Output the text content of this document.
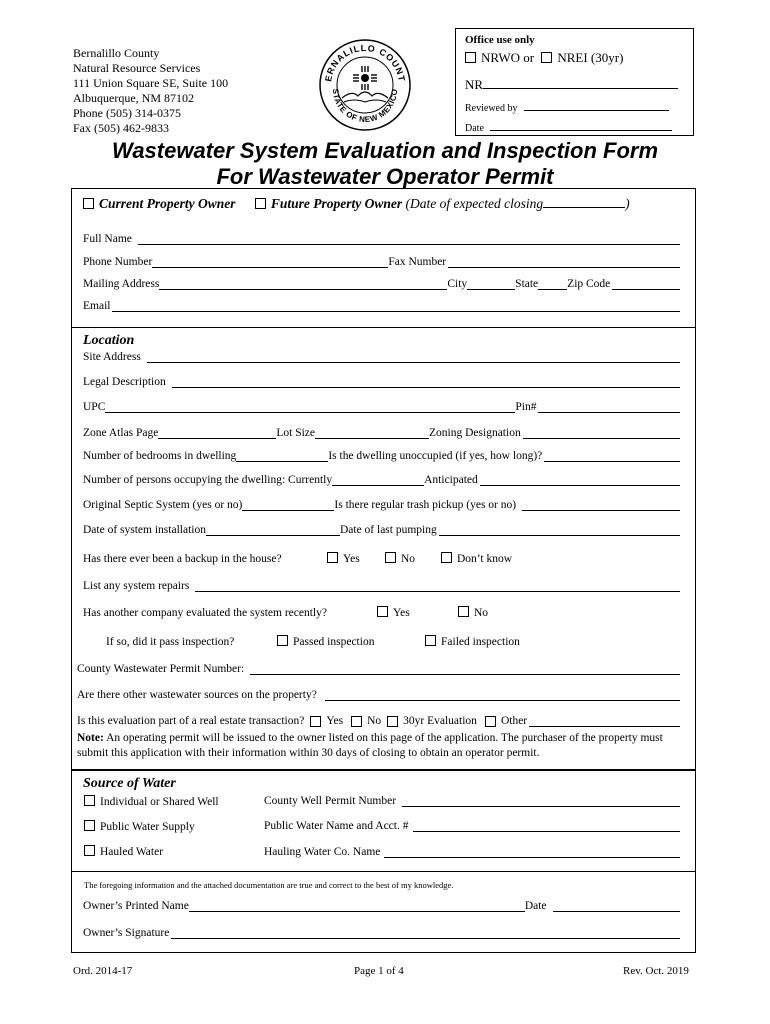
Bernalillo County
Natural Resource Services
111 Union Square SE, Suite 100
Albuquerque, NM 87102
Phone (505) 314-0375
Fax (505) 462-9833
ERNALILLO COUNT
STATE OF NEW MEXICO
Office use only
NRWO or NREI (30yr)
NR
Reviewed by
Date
Wastewater System Evaluation and Inspection Form
For Wastewater Operator Permit
Current Property Owner	Future Property Owner (Date of expected closing	)
Full Name
Phone Number	Fax Number
Mailing Address	City	State	Zip Code
Email
Location
Site Address
Legal Description
UPC	Pin#
Zone Atlas Page	Lot Size	Zoning Designation
Number of bedrooms in dwelling	Is the dwelling unoccupied (if yes, how long)?
Number of persons occupying the dwelling: Currently	Anticipated
Original Septic System (yes or no)	Is there regular trash pickup (yes or no)
Date of system installation	Date of last pumping
Has there ever been a backup in the house?	Yes	No	Don’t know
List any system repairs
Has another company evaluated the system recently?	Yes	No
If so, did it pass inspection?	Passed inspection	Failed inspection
County Wastewater Permit Number:
Are there other wastewater sources on the property?
Is this evaluation part of a real estate transaction? Yes No 30yr Evaluation Other
Note: An operating permit will be issued to the owner listed on this page of the application. The purchaser of the property must submit this application with their information within 30 days of closing to obtain an operator permit.
Source of Water
Individual or Shared Well	County Well Permit Number
Public Water Supply	Public Water Name and Acct. #
Hauled Water	Hauling Water Co. Name
The foregoing information and the attached documentation are true and correct to the best of my knowledge.
Owner’s Printed Name	Date
Owner’s Signature
Ord. 2014-17	Page 1 of 4	Rev. Oct. 2019
